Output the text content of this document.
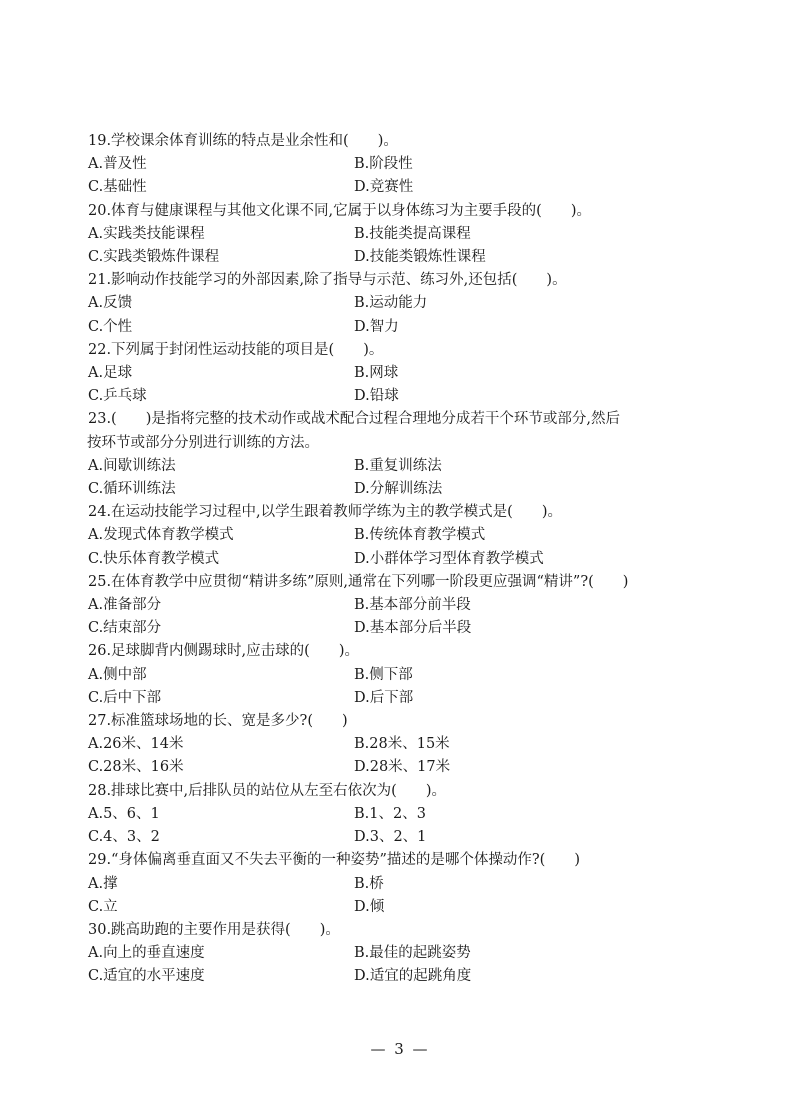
19.学校课余体育训练的特点是业余性和(　　)。
A.普及性	B.阶段性
C.基础性	D.竞赛性
20.体育与健康课程与其他文化课不同,它属于以身体练习为主要手段的(　　)。
A.实践类技能课程	B.技能类提高课程
C.实践类锻炼件课程	D.技能类锻炼性课程
21.影响动作技能学习的外部因素,除了指导与示范、练习外,还包括(　　)。
A.反馈	B.运动能力
C.个性	D.智力
22.下列属于封闭性运动技能的项目是(　　)。
A.足球	B.网球
C.乒乓球	D.铅球
23.(　　)是指将完整的技术动作或战术配合过程合理地分成若干个环节或部分,然后
按环节或部分分别进行训练的方法。
A.间歇训练法	B.重复训练法
C.循环训练法	D.分解训练法
24.在运动技能学习过程中,以学生跟着教师学练为主的教学模式是(　　)。
A.发现式体育教学模式	B.传统体育教学模式
C.快乐体育教学模式	D.小群体学习型体育教学模式
25.在体育教学中应贯彻“精讲多练”原则,通常在下列哪一阶段更应强调“精讲”?(　　)
A.准备部分	B.基本部分前半段
C.结束部分	D.基本部分后半段
26.足球脚背内侧踢球时,应击球的(　　)。
A.侧中部	B.侧下部
C.后中下部	D.后下部
27.标准篮球场地的长、宽是多少?(　　)
A.26米、14米	B.28米、15米
C.28米、16米	D.28米、17米
28.排球比赛中,后排队员的站位从左至右依次为(　　)。
A.5、6、1	B.1、2、3
C.4、3、2	D.3、2、1
29.“身体偏离垂直面又不失去平衡的一种姿势”描述的是哪个体操动作?(　　)
A.撑	B.桥
C.立	D.倾
30.跳高助跑的主要作用是获得(　　)。
A.向上的垂直速度	B.最佳的起跳姿势
C.适宜的水平速度	D.适宜的起跳角度
— 3 —
